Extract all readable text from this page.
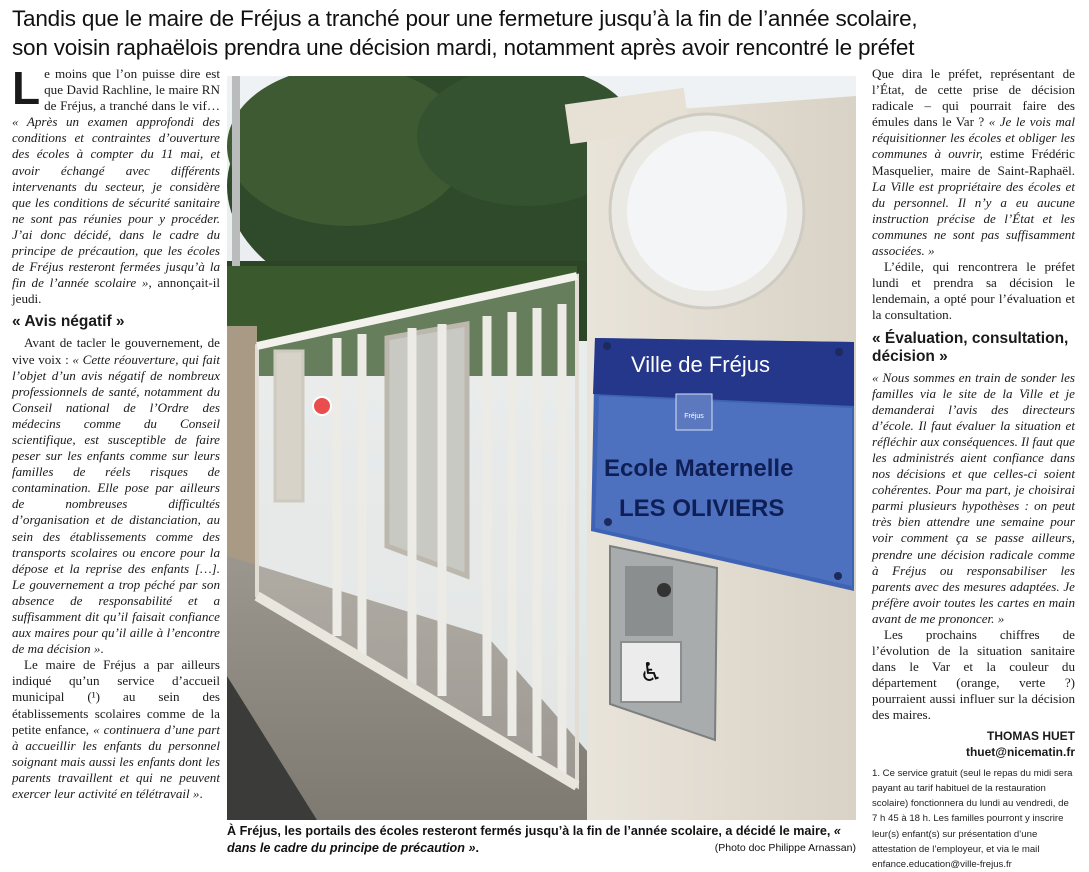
Tandis que le maire de Fréjus a tranché pour une fermeture jusqu’à la fin de l’année scolaire,
son voisin raphaëlois prendra une décision mardi, notamment après avoir rencontré le préfet

Le moins que l’on puisse dire est que David Rachline, le maire RN de Fréjus, a tranché dans le vif… « Après un examen approfondi des conditions et contraintes d’ouverture des écoles à compter du 11 mai, et avoir échangé avec différents intervenants du secteur, je considère que les conditions de sécurité sanitaire ne sont pas réunies pour y procéder. J’ai donc décidé, dans le cadre du principe de précaution, que les écoles de Fréjus resteront fermées jusqu’à la fin de l’année scolaire », annonçait-il jeudi.

« Avis négatif »

Avant de tacler le gouvernement, de vive voix : « Cette réouverture, qui fait l’objet d’un avis négatif de nombreux professionnels de santé, notamment du Conseil national de l’Ordre des médecins comme du Conseil scientifique, est susceptible de faire peser sur les enfants comme sur leurs familles de réels risques de contamination. Elle pose par ailleurs de nombreuses difficultés d’organisation et de distanciation, au sein des établissements comme des transports scolaires ou encore pour la dépose et la reprise des enfants […]. Le gouvernement a trop péché par son absence de responsabilité et a suffisamment dit qu’il faisait confiance aux maires pour qu’il aille à l’encontre de ma décision ».

Le maire de Fréjus a par ailleurs indiqué qu’un service d’accueil municipal (¹) au sein des établissements scolaires comme de la petite enfance, « continuera d’une part à accueillir les enfants du personnel soignant mais aussi les enfants dont les parents travaillent et qui ne peuvent exercer leur activité en télétravail ».

Ville de Fréjus
Fréjus
Ecole Maternelle
LES OLIVIERS
♿
À Fréjus, les portails des écoles resteront fermés jusqu’à la fin de l’année scolaire, a décidé le maire, « dans le cadre du principe de précaution ».	(Photo doc Philippe Arnassan)

Que dira le préfet, représentant de l’État, de cette prise de décision radicale – qui pourrait faire des émules dans le Var ? « Je le vois mal réquisitionner les écoles et obliger les communes à ouvrir, estime Frédéric Masquelier, maire de Saint-Raphaël. La Ville est propriétaire des écoles et du personnel. Il n’y a eu aucune instruction précise de l’État et les communes ne sont pas suffisamment associées. »

L’édile, qui rencontrera le préfet lundi et prendra sa décision le lendemain, a opté pour l’évaluation et la consultation.

« Évaluation, consultation, décision »

« Nous sommes en train de sonder les familles via le site de la Ville et je demanderai l’avis des directeurs d’école. Il faut évaluer la situation et réfléchir aux conséquences. Il faut que les administrés aient confiance dans nos décisions et que celles-ci soient cohérentes. Pour ma part, je choisirai parmi plusieurs hypothèses : on peut très bien attendre une semaine pour voir comment ça se passe ailleurs, prendre une décision radicale comme à Fréjus ou responsabiliser les parents avec des mesures adaptées. Je préfère avoir toutes les cartes en main avant de me prononcer. »

Les prochains chiffres de l’évolution de la situation sanitaire dans le Var et la couleur du département (orange, verte ?) pourraient aussi influer sur la décision des maires.

THOMAS HUET

thuet@nicematin.fr

1. Ce service gratuit (seul le repas du midi sera payant au tarif habituel de la restauration scolaire) fonctionnera du lundi au vendredi, de 7 h 45 à 18 h. Les familles pourront y inscrire leur(s) enfant(s) sur présentation d’une attestation de l’employeur, et via le mail enfance.education@ville-frejus.fr
